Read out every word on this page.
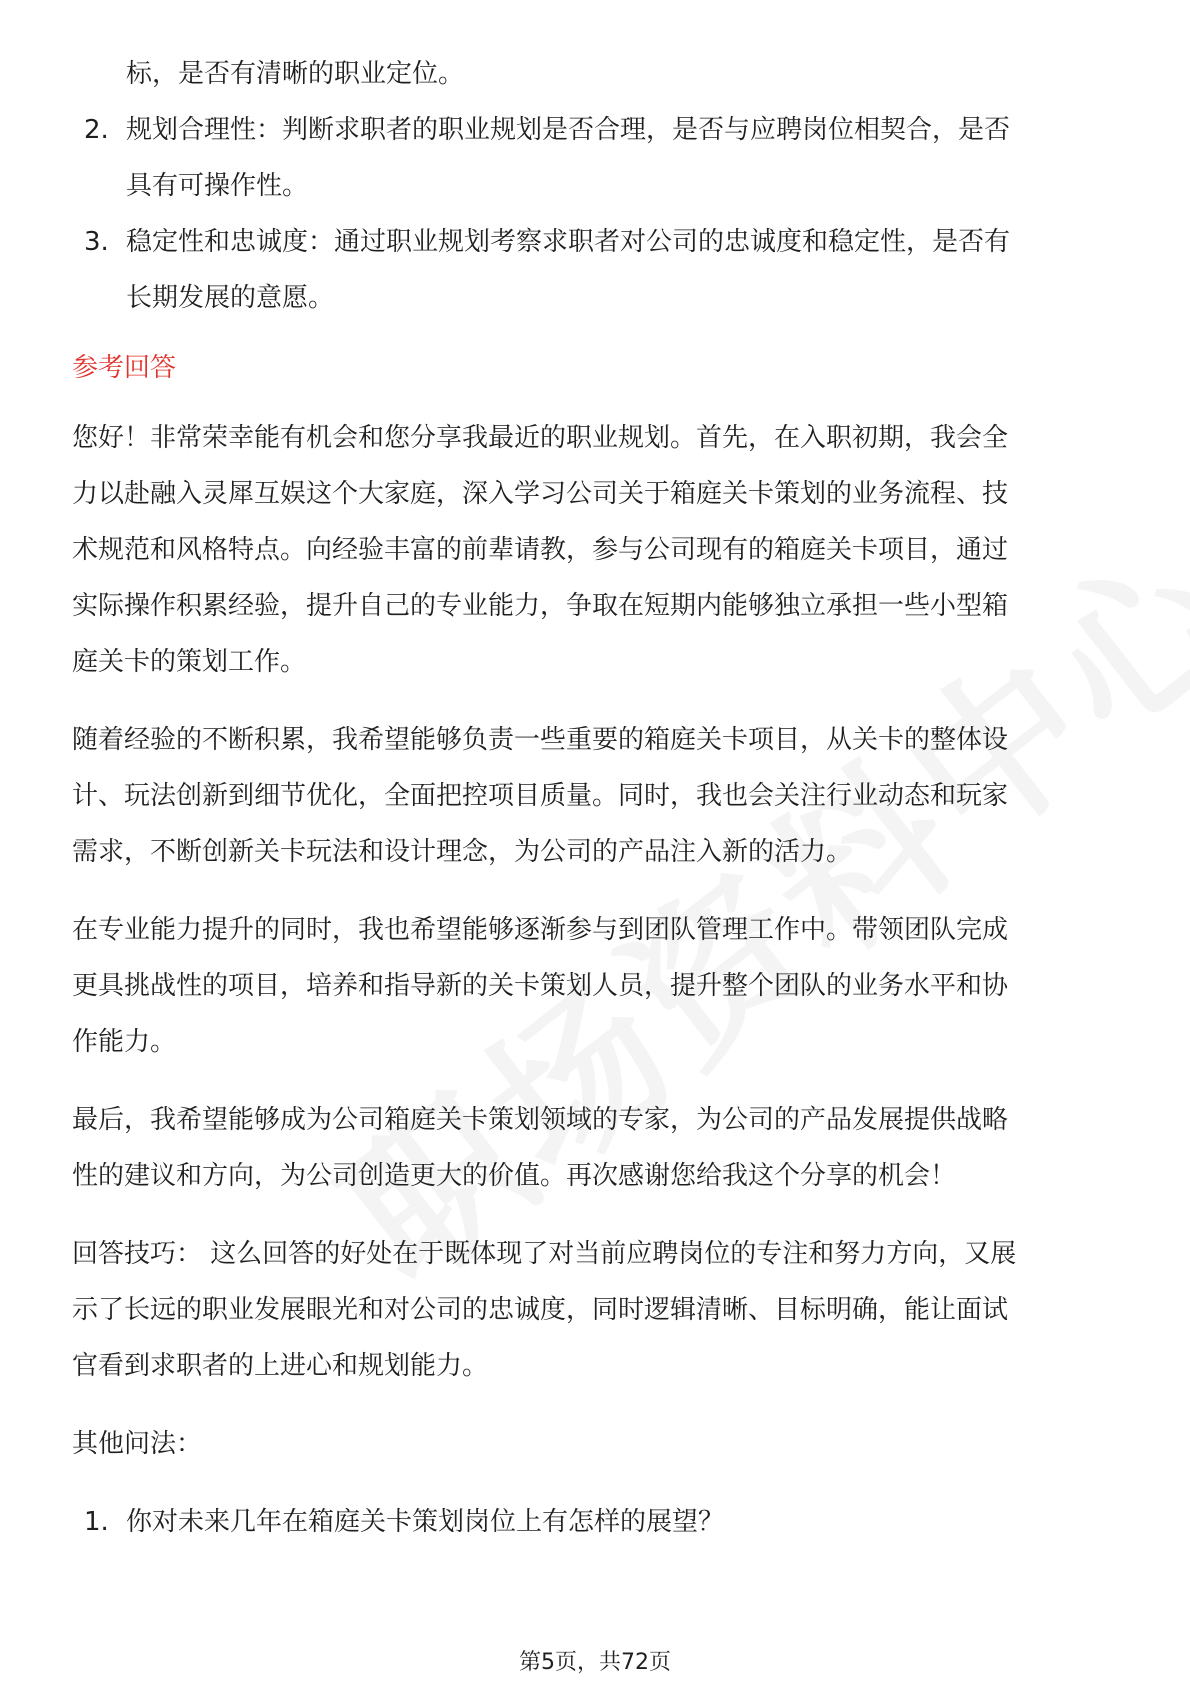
标，是否有清晰的职业定位。

2. 规划合理性：判断求职者的职业规划是否合理，是否与应聘岗位相契合，是否

具有可操作性。

3. 稳定性和忠诚度：通过职业规划考察求职者对公司的忠诚度和稳定性，是否有

长期发展的意愿。

参考回答

您好！非常荣幸能有机会和您分享我最近的职业规划。首先，在入职初期，我会全

力以赴融入灵犀互娱这个大家庭，深入学习公司关于箱庭关卡策划的业务流程、技

术规范和风格特点。向经验丰富的前辈请教，参与公司现有的箱庭关卡项目，通过

实际操作积累经验，提升自己的专业能力，争取在短期内能够独立承担一些小型箱

庭关卡的策划工作。

随着经验的不断积累，我希望能够负责一些重要的箱庭关卡项目，从关卡的整体设

计、玩法创新到细节优化，全面把控项目质量。同时，我也会关注行业动态和玩家

需求，不断创新关卡玩法和设计理念，为公司的产品注入新的活力。

在专业能力提升的同时，我也希望能够逐渐参与到团队管理工作中。带领团队完成

更具挑战性的项目，培养和指导新的关卡策划人员，提升整个团队的业务水平和协

作能力。

最后，我希望能够成为公司箱庭关卡策划领域的专家，为公司的产品发展提供战略

性的建议和方向，为公司创造更大的价值。再次感谢您给我这个分享的机会！

回答技巧： 这么回答的好处在于既体现了对当前应聘岗位的专注和努力方向，又展

示了长远的职业发展眼光和对公司的忠诚度，同时逻辑清晰、目标明确，能让面试

官看到求职者的上进心和规划能力。

其他问法：

1. 你对未来几年在箱庭关卡策划岗位上有怎样的展望？

第5页，共72页
